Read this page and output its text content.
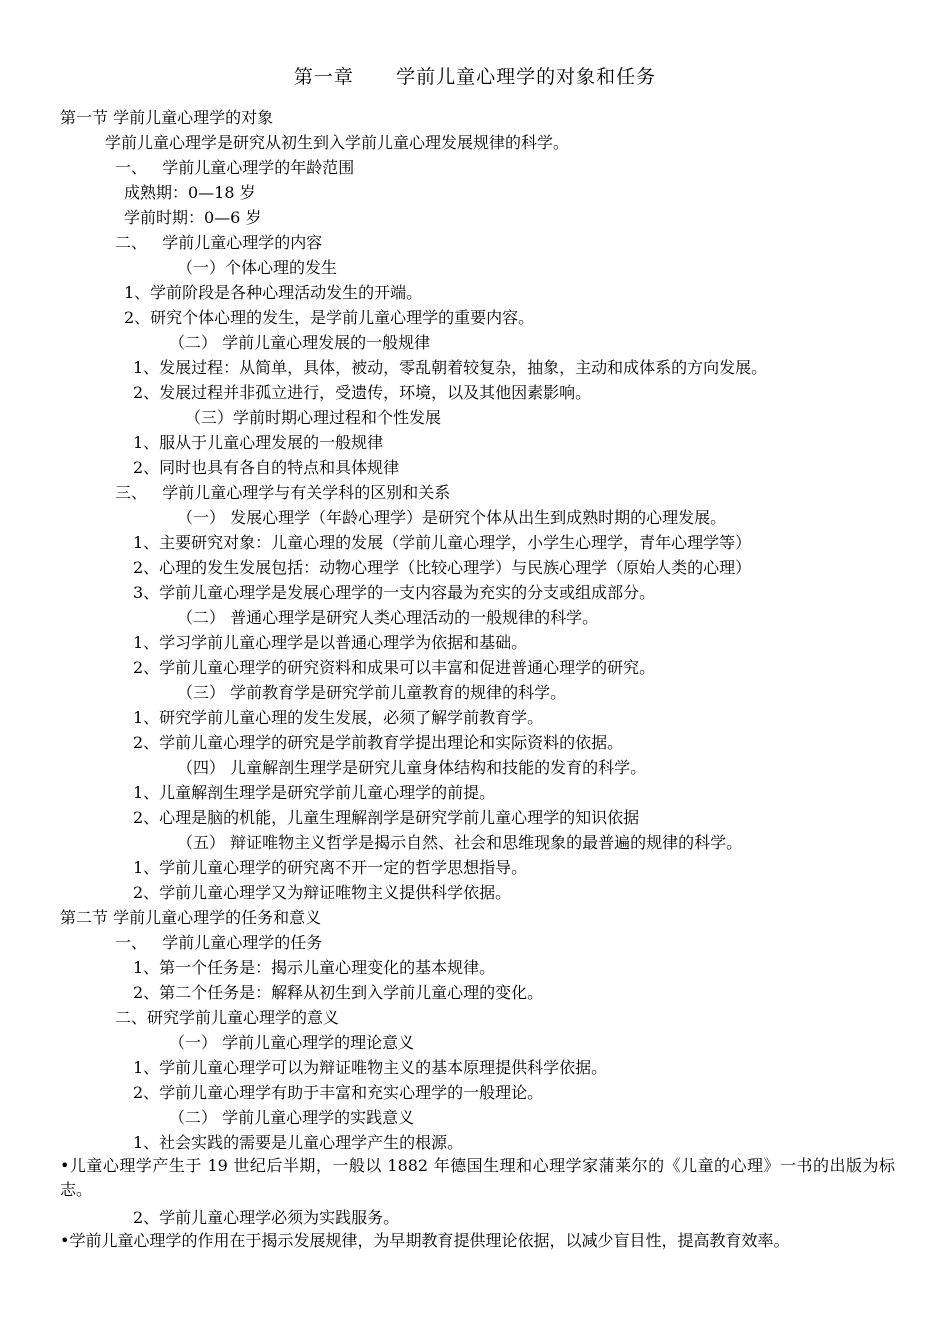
第一章      学前儿童心理学的对象和任务
第一节 学前儿童心理学的对象
学前儿童心理学是研究从初生到入学前儿童心理发展规律的科学。
一、   学前儿童心理学的年龄范围
成熟期：0—18 岁
学前时期：0—6 岁
二、   学前儿童心理学的内容
（一）个体心理的发生
1、学前阶段是各种心理活动发生的开端。
2、研究个体心理的发生，是学前儿童心理学的重要内容。
（二） 学前儿童心理发展的一般规律
1、发展过程：从简单，具体，被动，零乱朝着较复杂，抽象，主动和成体系的方向发展。
2、发展过程并非孤立进行，受遗传，环境，以及其他因素影响。
（三）学前时期心理过程和个性发展
1、服从于儿童心理发展的一般规律
2、同时也具有各自的特点和具体规律
三、   学前儿童心理学与有关学科的区别和关系
（一） 发展心理学（年龄心理学）是研究个体从出生到成熟时期的心理发展。
1、主要研究对象：儿童心理的发展（学前儿童心理学，小学生心理学，青年心理学等）
2、心理的发生发展包括：动物心理学（比较心理学）与民族心理学（原始人类的心理）
3、学前儿童心理学是发展心理学的一支内容最为充实的分支或组成部分。
（二） 普通心理学是研究人类心理活动的一般规律的科学。
1、学习学前儿童心理学是以普通心理学为依据和基础。
2、学前儿童心理学的研究资料和成果可以丰富和促进普通心理学的研究。
（三） 学前教育学是研究学前儿童教育的规律的科学。
1、研究学前儿童心理的发生发展，必须了解学前教育学。
2、学前儿童心理学的研究是学前教育学提出理论和实际资料的依据。
（四） 儿童解剖生理学是研究儿童身体结构和技能的发育的科学。
1、儿童解剖生理学是研究学前儿童心理学的前提。
2、心理是脑的机能，儿童生理解剖学是研究学前儿童心理学的知识依据
（五） 辩证唯物主义哲学是揭示自然、社会和思维现象的最普遍的规律的科学。
1、学前儿童心理学的研究离不开一定的哲学思想指导。
2、学前儿童心理学又为辩证唯物主义提供科学依据。
第二节 学前儿童心理学的任务和意义
一、   学前儿童心理学的任务
1、第一个任务是：揭示儿童心理变化的基本规律。
2、第二个任务是：解释从初生到入学前儿童心理的变化。
二、研究学前儿童心理学的意义
（一） 学前儿童心理学的理论意义
1、学前儿童心理学可以为辩证唯物主义的基本原理提供科学依据。
2、学前儿童心理学有助于丰富和充实心理学的一般理论。
（二） 学前儿童心理学的实践意义
1、社会实践的需要是儿童心理学产生的根源。
•儿童心理学产生于 19 世纪后半期，一般以 1882 年德国生理和心理学家蒲莱尔的《儿童的心理》一书的出版为标志。
2、学前儿童心理学必须为实践服务。
•学前儿童心理学的作用在于揭示发展规律，为早期教育提供理论依据，以减少盲目性，提高教育效率。
